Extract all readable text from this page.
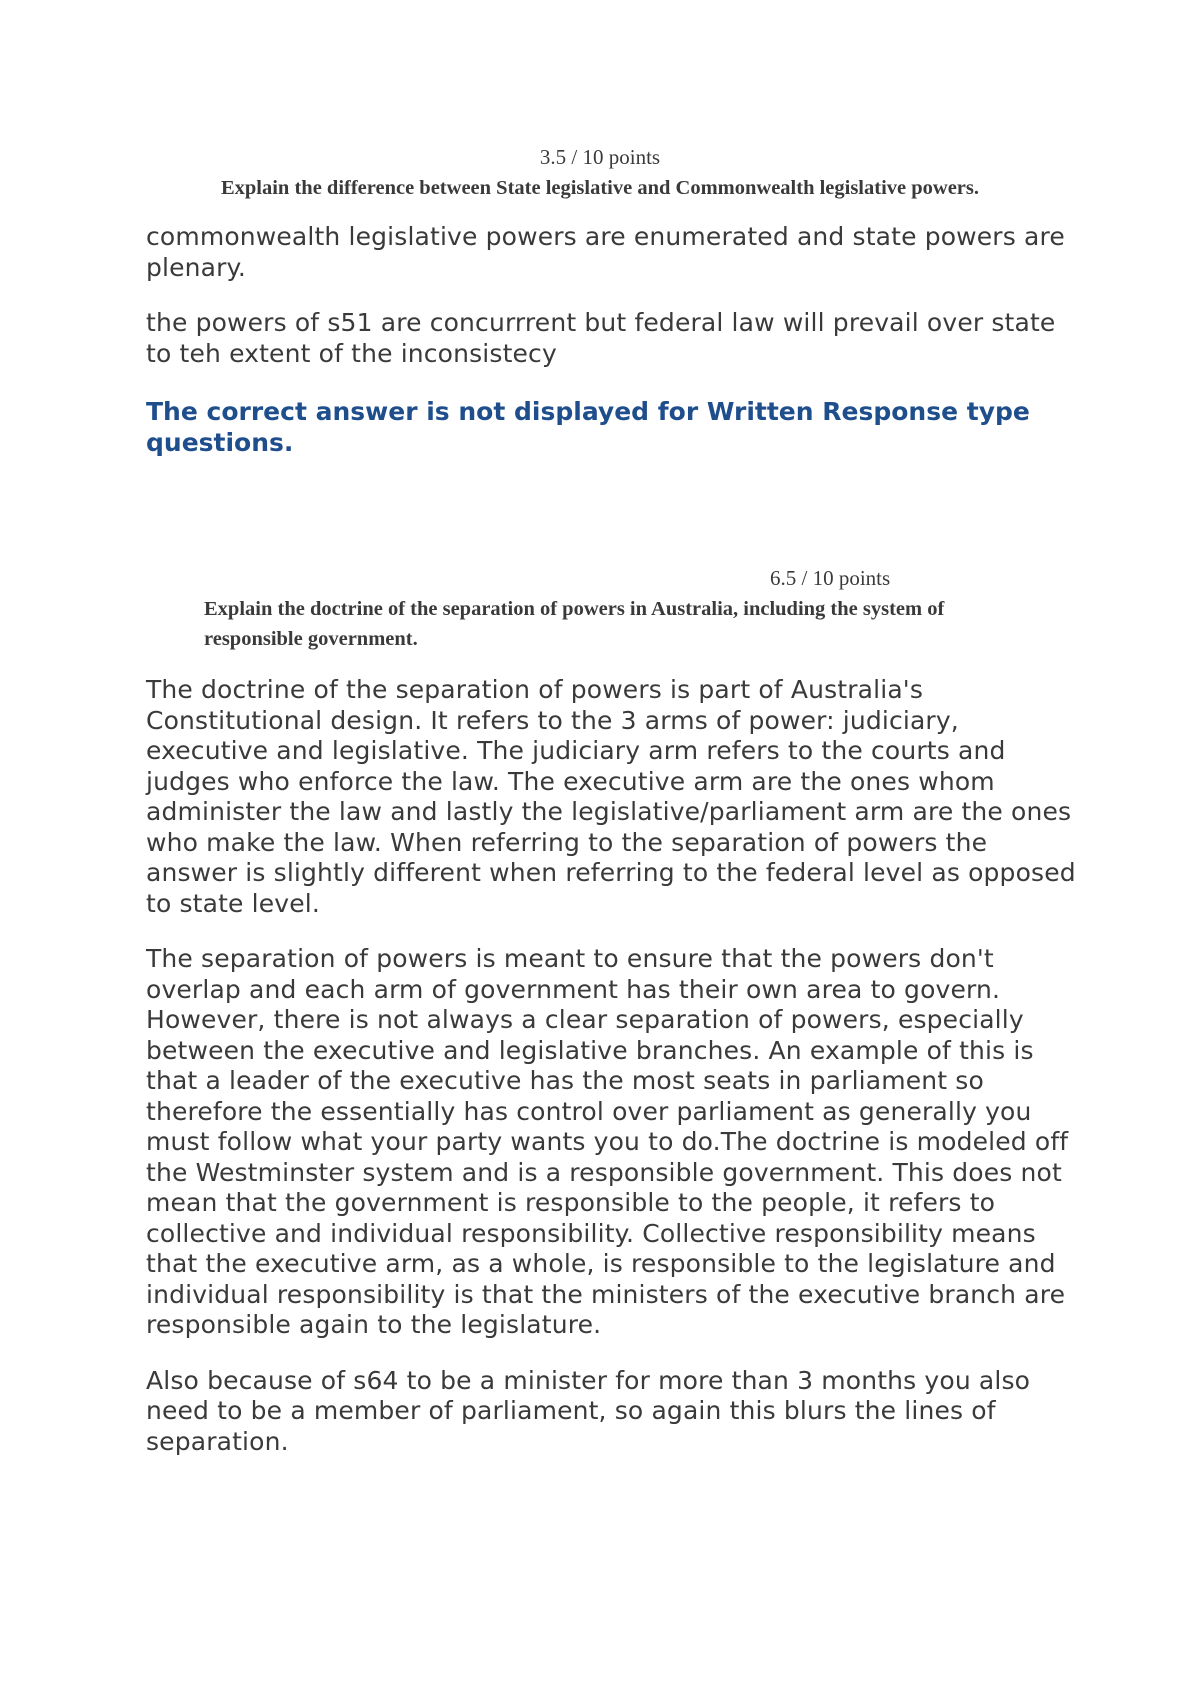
3.5 / 10 points
Explain the difference between State legislative and Commonwealth legislative powers.

commonwealth legislative powers are enumerated and state powers are plenary.

the powers of s51 are concurrrent but federal law will prevail over state to teh extent of the inconsistecy

The correct answer is not displayed for Written Response type questions.
6.5 / 10 points
Explain the doctrine of the separation of powers in Australia, including the system of responsible government.

The doctrine of the separation of powers is part of Australia's Constitutional design. It refers to the 3 arms of power: judiciary, executive and legislative. The judiciary arm refers to the courts and judges who enforce the law. The executive arm are the ones whom administer the law and lastly the legislative/parliament arm are the ones who make the law. When referring to the separation of powers the answer is slightly different when referring to the federal level as opposed to state level.

The separation of powers is meant to ensure that the powers don't overlap and each arm of government has their own area to govern. However, there is not always a clear separation of powers, especially between the executive and legislative branches. An example of this is that a leader of the executive has the most seats in parliament so therefore the essentially has control over parliament as generally you must follow what your party wants you to do.The doctrine is modeled off the Westminster system and is a responsible government. This does not mean that the government is responsible to the people, it refers to collective and individual responsibility. Collective responsibility means that the executive arm, as a whole, is responsible to the legislature and individual responsibility is that the ministers of the executive branch are responsible again to the legislature.

Also because of s64 to be a minister for more than 3 months you also need to be a member of parliament, so again this blurs the lines of separation.
